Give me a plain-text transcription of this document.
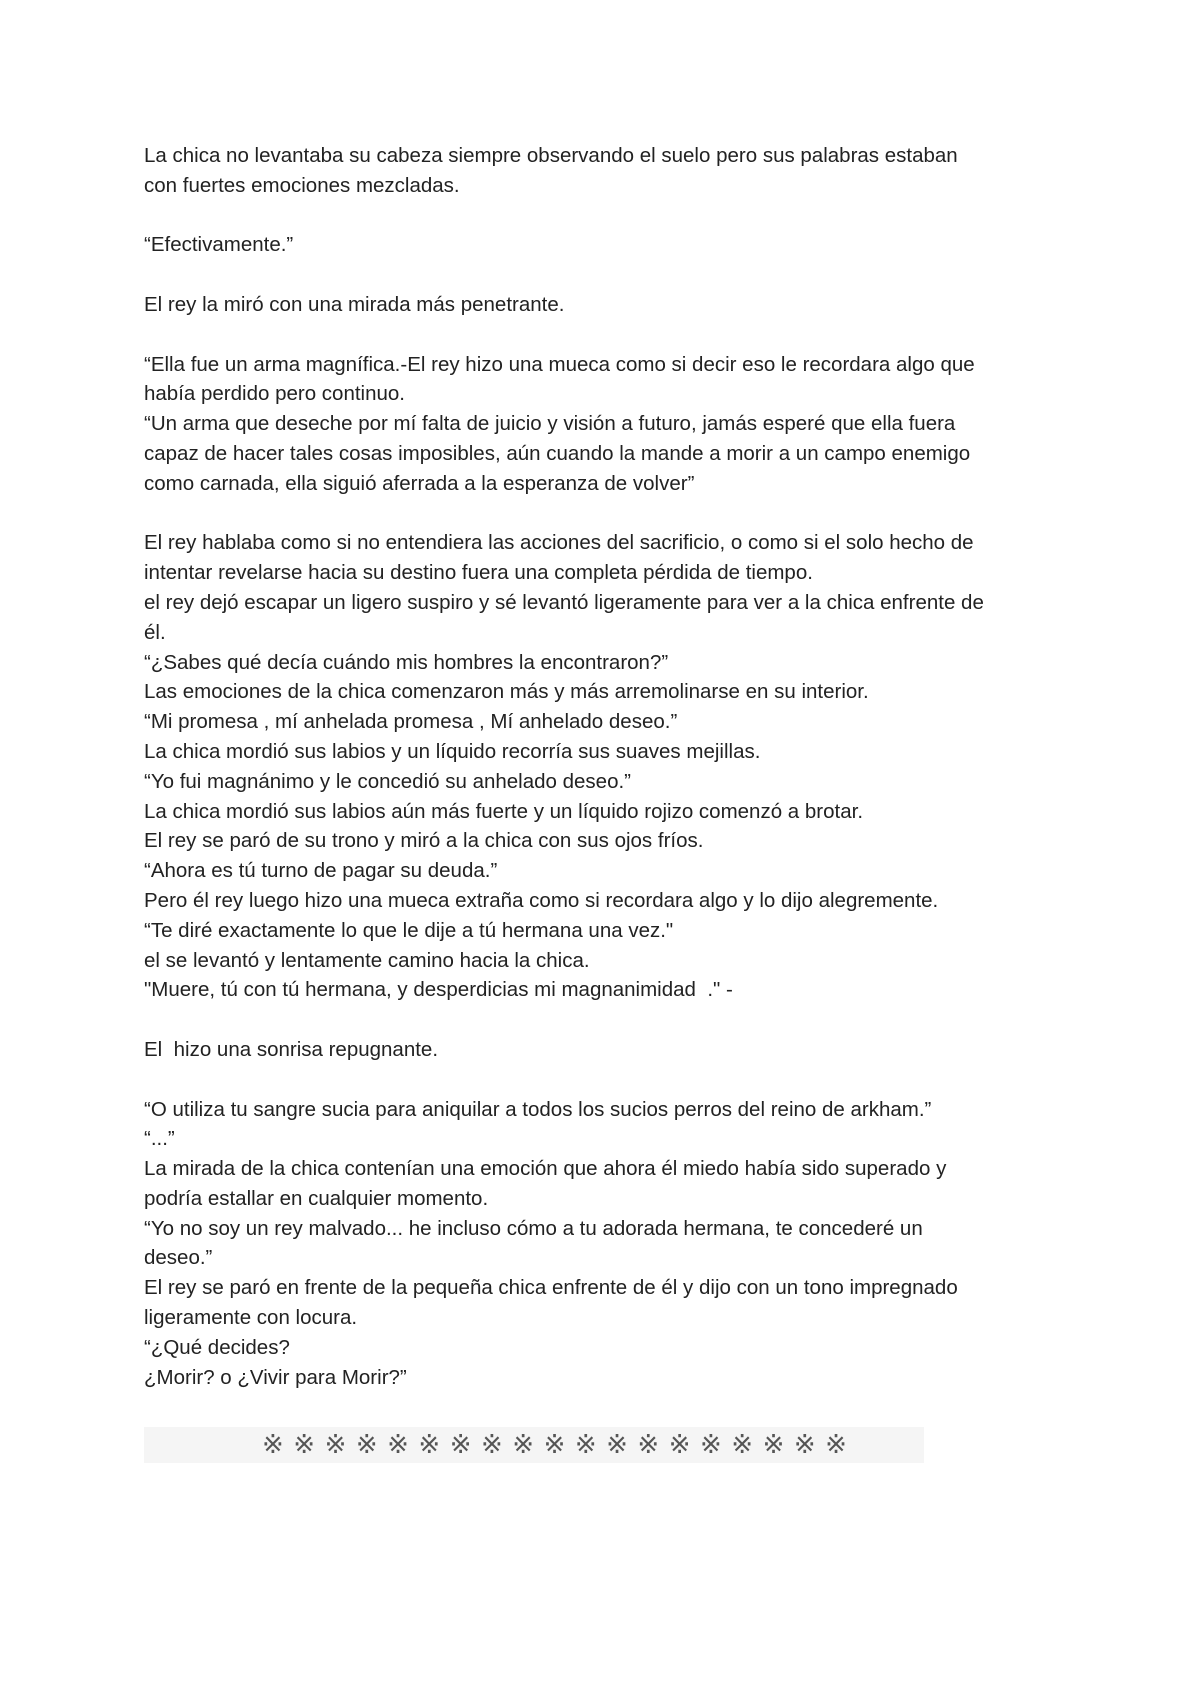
La chica no levantaba su cabeza siempre observando el suelo pero sus palabras estaban
con fuertes emociones mezcladas.
“Efectivamente.”
El rey la miró con una mirada más penetrante.
“Ella fue un arma magnífica.-El rey hizo una mueca como si decir eso le recordara algo que
había perdido pero continuo.
“Un arma que deseche por mí falta de juicio y visión a futuro, jamás esperé que ella fuera
capaz de hacer tales cosas imposibles, aún cuando la mande a morir a un campo enemigo
como carnada, ella siguió aferrada a la esperanza de volver”
El rey hablaba como si no entendiera las acciones del sacrificio, o como si el solo hecho de
intentar revelarse hacia su destino fuera una completa pérdida de tiempo.
el rey dejó escapar un ligero suspiro y sé levantó ligeramente para ver a la chica enfrente de
él.
“¿Sabes qué decía cuándo mis hombres la encontraron?”
Las emociones de la chica comenzaron más y más arremolinarse en su interior.
“Mi promesa , mí anhelada promesa , Mí anhelado deseo.”
La chica mordió sus labios y un líquido recorría sus suaves mejillas.
“Yo fui magnánimo y le concedió su anhelado deseo.”
La chica mordió sus labios aún más fuerte y un líquido rojizo comenzó a brotar.
El rey se paró de su trono y miró a la chica con sus ojos fríos.
“Ahora es tú turno de pagar su deuda.”
Pero él rey luego hizo una mueca extraña como si recordara algo y lo dijo alegremente.
“Te diré exactamente lo que le dije a tú hermana una vez."
el se levantó y lentamente camino hacia la chica.
"Muere, tú con tú hermana, y desperdicias mi magnanimidad  ." -
El  hizo una sonrisa repugnante.
“O utiliza tu sangre sucia para aniquilar a todos los sucios perros del reino de arkham.”
“...”
La mirada de la chica contenían una emoción que ahora él miedo había sido superado y
podría estallar en cualquier momento.
“Yo no soy un rey malvado... he incluso cómo a tu adorada hermana, te concederé un
deseo.”
El rey se paró en frente de la pequeña chica enfrente de él y dijo con un tono impregnado
ligeramente con locura.
“¿Qué decides?
¿Morir? o ¿Vivir para Morir?”
※※※※※※※※※※※※※※※※※※※
